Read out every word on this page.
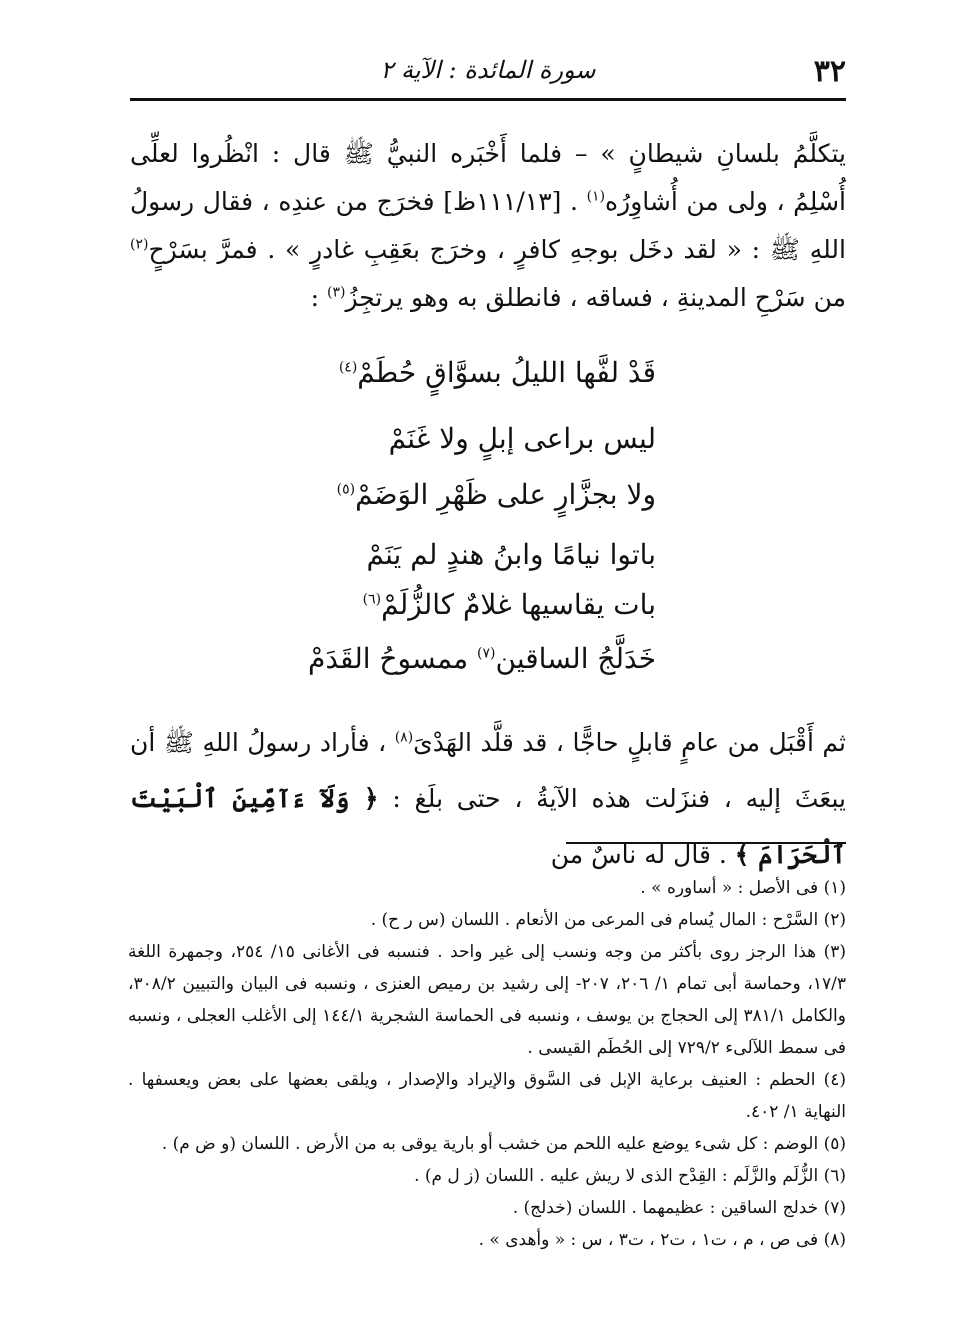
٣٢
سورة المائدة : الآية ٢

يتكلَّمُ بلسانِ شيطانٍ » – فلما أَخْبَره النبيُّ ﷺ قال : انْظُروا لعلِّى أُسْلِمُ ، ولى من أُشاوِرُه$^{(١)}$ . [١١١/١٣ظ] فخرَج من عندِه ، فقال رسولُ اللهِ ﷺ : « لقد دخَل بوجهِ كافرٍ ، وخرَج بعَقِبِ غادرٍ » . فمرَّ بسَرْحٍ$^{(٢)}$ من سَرْحِ المدينةِ ، فساقه ، فانطلق به وهو يرتجِزُ$^{(٣)}$ :

قَدْ لفَّها الليلُ بسوَّاقٍ حُطَمْ$^{(٤)}$
ليس براعى إبلٍ ولا غَنَمْ
ولا بجزَّارٍ على ظَهْرِ الوَضَمْ$^{(٥)}$
باتوا نيامًا وابنُ هندٍ لم يَنَمْ
بات يقاسيها غلامٌ كالزُّلَمْ$^{(٦)}$
خَدَلَّجُ الساقين$^{(٧)}$ ممسوحُ القَدَمْ

ثم أَقْبَل من عامٍ قابلٍ حاجًّا ، قد قلَّد الهَدْىَ$^{(٨)}$ ، فأراد رسولُ اللهِ ﷺ أن يبعَثَ إليه ، فنزَلت هذه الآيةُ ، حتى بلَغ : ﴿ وَلَآ ءَآمِّينَ ٱلْبَيْتَ ٱلْحَرَامَ ﴾ . قال له ناسٌ من

(١) فى الأصل : « أساوره » .

(٢) السَّرْح : المال يُسام فى المرعى من الأنعام . اللسان (س ر ح) .

(٣) هذا الرجز روى بأكثر من وجه ونسب إلى غير واحد . فنسبه فى الأغانى ١٥/ ٢٥٤، وجمهرة اللغة ١٧/٣، وحماسة أبى تمام ١/ ٢٠٦، ٢٠٧- إلى رشيد بن رميص العنزى ، ونسبه فى البيان والتبيين ٣٠٨/٢، والكامل ٣٨١/١ إلى الحجاج بن يوسف ، ونسبه فى الحماسة الشجرية ١٤٤/١ إلى الأغلب العجلى ، ونسبه فى سمط اللآلىء ٧٢٩/٢ إلى الحُطَم القيسى .

(٤) الحطم : العنيف برعاية الإبل فى السَّوق والإيراد والإصدار ، ويلقى بعضها على بعض ويعسفها . النهاية ١/ ٤٠٢.

(٥) الوضم : كل شىء يوضع عليه اللحم من خشب أو بارية يوقى به من الأرض . اللسان (و ض م) .

(٦) الزُّلَم والزَّلَم : القِدْح الذى لا ريش عليه . اللسان (ز ل م) .

(٧) خدلج الساقين : عظيمهما . اللسان (خدلج) .

(٨) فى ص ، م ، ت١ ، ت٢ ، ت٣ ، س : « وأهدى » .
